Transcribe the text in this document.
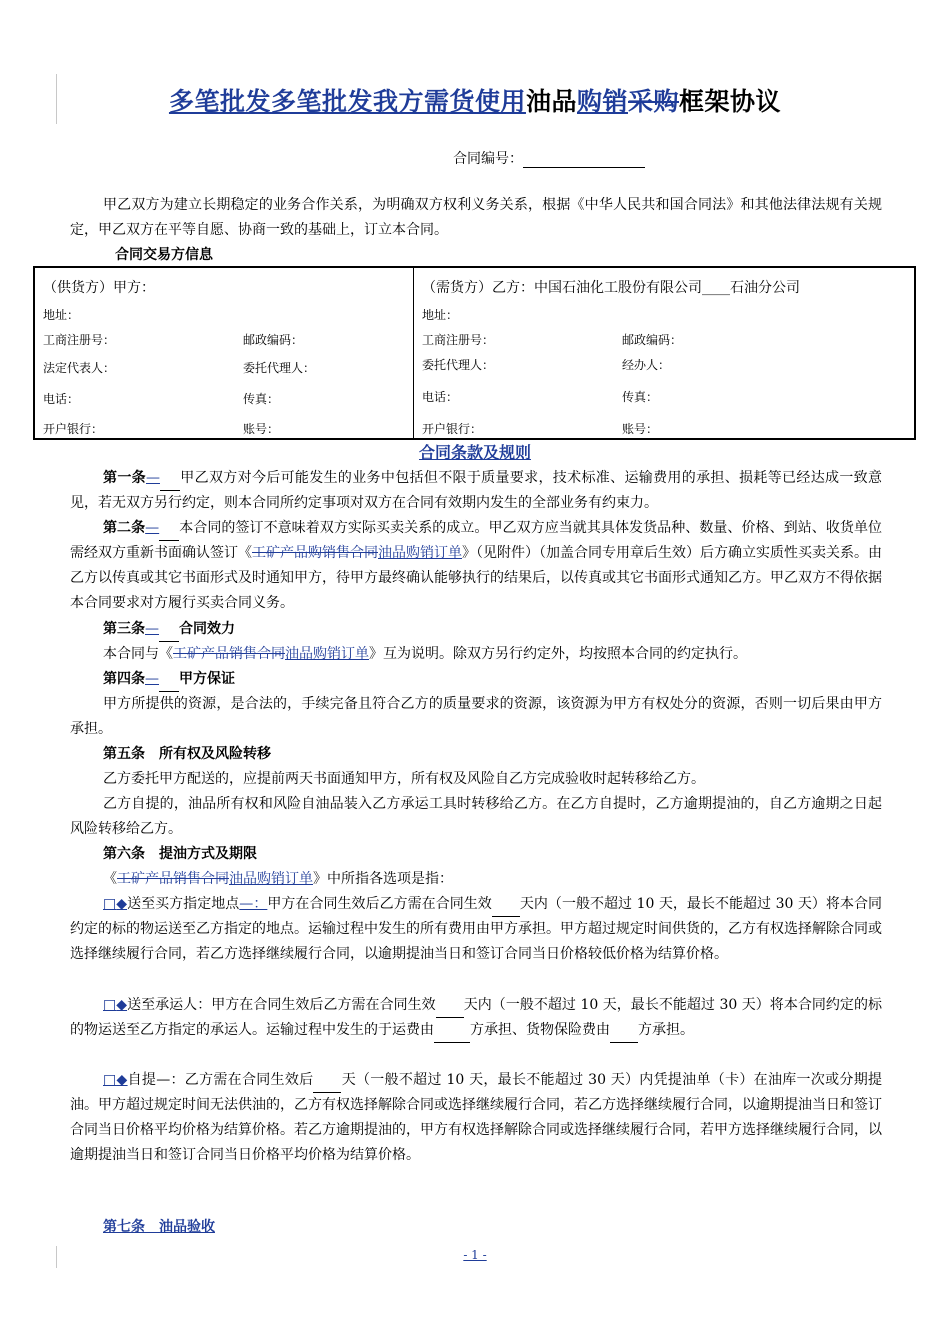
多笔批发多笔批发我方需货使用油品购销采购框架协议
合同编号：
甲乙双方为建立长期稳定的业务合作关系，为明确双方权利义务关系，根据《中华人民共和国合同法》和其他法律法规有关规定，甲乙双方在平等自愿、协商一致的基础上，订立本合同。
合同交易方信息
（供货方）甲方：
地址：
工商注册号：	邮政编码：
法定代表人：	委托代理人：
电话：	传真：
开户银行：	账号：
（需货方）乙方：中国石油化工股份有限公司____石油分公司
地址：
工商注册号：	邮政编码：
委托代理人：	经办人：
电话：	传真：
开户银行：	账号：
合同条款及规则
第一条— 甲乙双方对今后可能发生的业务中包括但不限于质量要求，技术标准、运输费用的承担、损耗等已经达成一致意见，若无双方另行约定，则本合同所约定事项对双方在合同有效期内发生的全部业务有约束力。
第二条— 本合同的签订不意味着双方实际买卖关系的成立。甲乙双方应当就其具体发货品种、数量、价格、到站、收货单位需经双方重新书面确认签订《工矿产品购销售合同油品购销订单》（见附件）（加盖合同专用章后生效）后方确立实质性买卖关系。由乙方以传真或其它书面形式及时通知甲方，待甲方最终确认能够执行的结果后，以传真或其它书面形式通知乙方。甲乙双方不得依据本合同要求对方履行买卖合同义务。
第三条— 合同效力
本合同与《工矿产品销售合同油品购销订单》互为说明。除双方另行约定外，均按照本合同的约定执行。
第四条— 甲方保证
甲方所提供的资源，是合法的，手续完备且符合乙方的质量要求的资源，该资源为甲方有权处分的资源，否则一切后果由甲方承担。
第五条　所有权及风险转移
乙方委托甲方配送的，应提前两天书面通知甲方，所有权及风险自乙方完成验收时起转移给乙方。
乙方自提的，油品所有权和风险自油品装入乙方承运工具时转移给乙方。在乙方自提时，乙方逾期提油的，自乙方逾期之日起风险转移给乙方。
第六条　提油方式及期限
《工矿产品销售合同油品购销订单》中所指各选项是指：
□◆送至买方指定地点—：甲方在合同生效后乙方需在合同生效 天内（一般不超过 10 天，最长不能超过 30 天）将本合同约定的标的物运送至乙方指定的地点。运输过程中发生的所有费用由甲方承担。甲方超过规定时间供货的，乙方有权选择解除合同或选择继续履行合同，若乙方选择继续履行合同，以逾期提油当日和签订合同当日价格较低价格为结算价格。
□◆送至承运人：甲方在合同生效后乙方需在合同生效 天内（一般不超过 10 天，最长不能超过 30 天）将本合同约定的标的物运送至乙方指定的承运人。运输过程中发生的于运费由	方承担、货物保险费由 方承担。
□◆自提—：乙方需在合同生效后 天（一般不超过 10 天，最长不能超过 30 天）内凭提油单（卡）在油库一次或分期提油。甲方超过规定时间无法供油的，乙方有权选择解除合同或选择继续履行合同，若乙方选择继续履行合同，以逾期提油当日和签订合同当日价格平均价格为结算价格。若乙方逾期提油的，甲方有权选择解除合同或选择继续履行合同，若甲方选择继续履行合同，以逾期提油当日和签订合同当日价格平均价格为结算价格。
第七条　油品验收
- 1 -
